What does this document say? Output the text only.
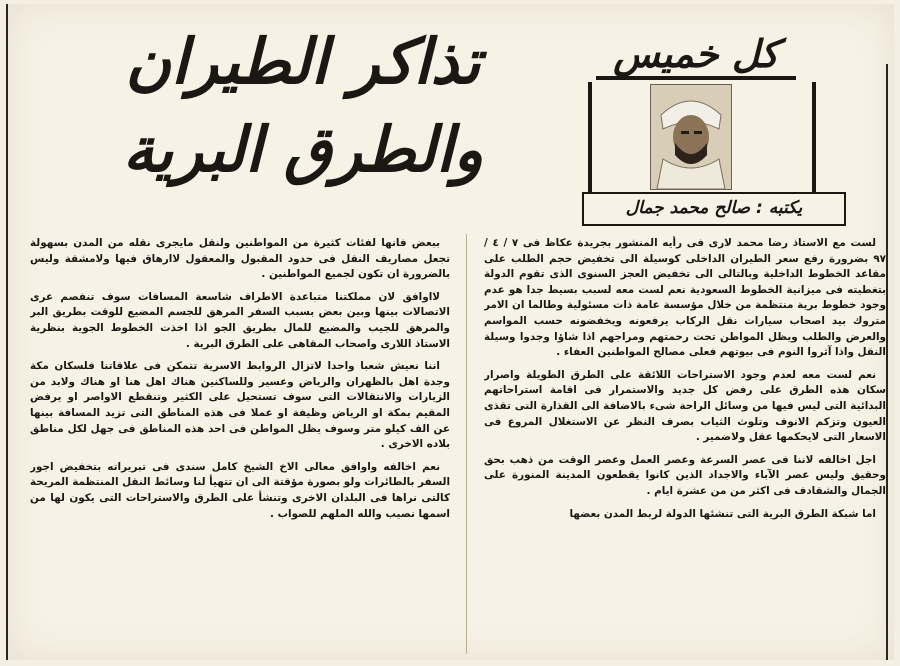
تذاكر الطيران
والطرق البرية
كل خميس
يكتبه : صالح محمد جمال

لست مع الاستاذ رضا محمد لارى فى رأيه المنشور بجريدة عكاظ فى ٧ / ٤ / ٩٧ بضرورة رفع سعر الطيران الداخلى كوسيلة الى تخفيض حجم الطلب على مقاعد الخطوط الداخلية وبالتالى الى تخفيض العجز السنوى الذى تقوم الدولة بتغطيته فى ميزانية الخطوط السعودية نعم لست معه لسبب بسيط جدا هو عدم وجود خطوط برية منتظمة من خلال مؤسسة عامة ذات مسئولية وطالما ان الامر متروك بيد اصحاب سيارات نقل الركاب يرفعونه ويخفضونه حسب المواسم والعرض والطلب ويظل المواطن تحت رحمتهم ومراجهم اذا شاؤا وجدوا وسيلة النقل واذا آثروا النوم فى بيوتهم فعلى مصالح المواطنين العفاء .

نعم لست معه لعدم وجود الاستراحات اللائقة على الطرق الطويلة واصرار سكان هذه الطرق على رفض كل جديد والاستمرار فى اقامة استراحاتهم البدائية التى ليس فيها من وسائل الراحة شىء بالاضافة الى القذارة التى تقذى العيون وتزكم الانوف وتلوث الثياب بصرف النظر عن الاستغلال المروع فى الاسعار التى لايحكمها عقل ولاضمير .

اجل اخالفه لاننا فى عصر السرعة وعصر العمل وعصر الوقت من ذهب بحق وحقيق وليس عصر الآباء والاجداد الذين كانوا يقطعون المدينة المنورة على الجمال والشقادف فى اكثر من من عشرة ايام .

اما شبكة الطرق البرية التى تنشئها الدولة لربط المدن بعضها

ببعض فانها لفئات كثيرة من المواطنين ولنقل مايجرى نقله من المدن بسهولة تجعل مصاريف النقل فى حدود المقبول والمعقول لاارهاق فيها ولامشقة وليس بالضرورة ان تكون لجميع المواطنين .

لااوافق لان مملكتنا متباعدة الاطراف شاسعة المسافات سوف تنفصم عرى الاتصالات بينها وبين بعض بسبب السفر المرهق للجسم المضيع للوقت بطريق البر والمرهق للجيب والمضيع للمال بطريق الجو اذا اخذت الخطوط الجوية بنظرية الاستاذ اللارى واصحاب المقاهى على الطرق البرية .

اننا نعيش شعبا واحدا لاتزال الروابط الاسرية تتمكن فى علاقاتنا فلسكان مكة وجدة اهل بالظهران والرياض وعسير وللساكنين هناك اهل هنا او هناك ولابد من الزيارات والانتقالات التى سوف تستحيل على الكثير وتنقطع الاواصر او يرفض المقيم بمكة او الرياض وظيفة او عملا فى هذه المناطق التى تزيد المسافة بينها عن الف كيلو متر وسوف يظل المواطن فى احد هذه المناطق فى جهل لكل مناطق بلاده الاخرى .

نعم اخالفه واوافق معالى الاخ الشيخ كامل سندى فى تبريراته بتخفيض اجور السفر بالطائرات ولو بصورة مؤقتة الى ان تتهيأ لنا وسائط النقل المنتظمة المريحة كالتى نراها فى البلدان الاخرى وتنشأ على الطرق والاستراحات التى يكون لها من اسمها نصيب والله الملهم للصواب .
